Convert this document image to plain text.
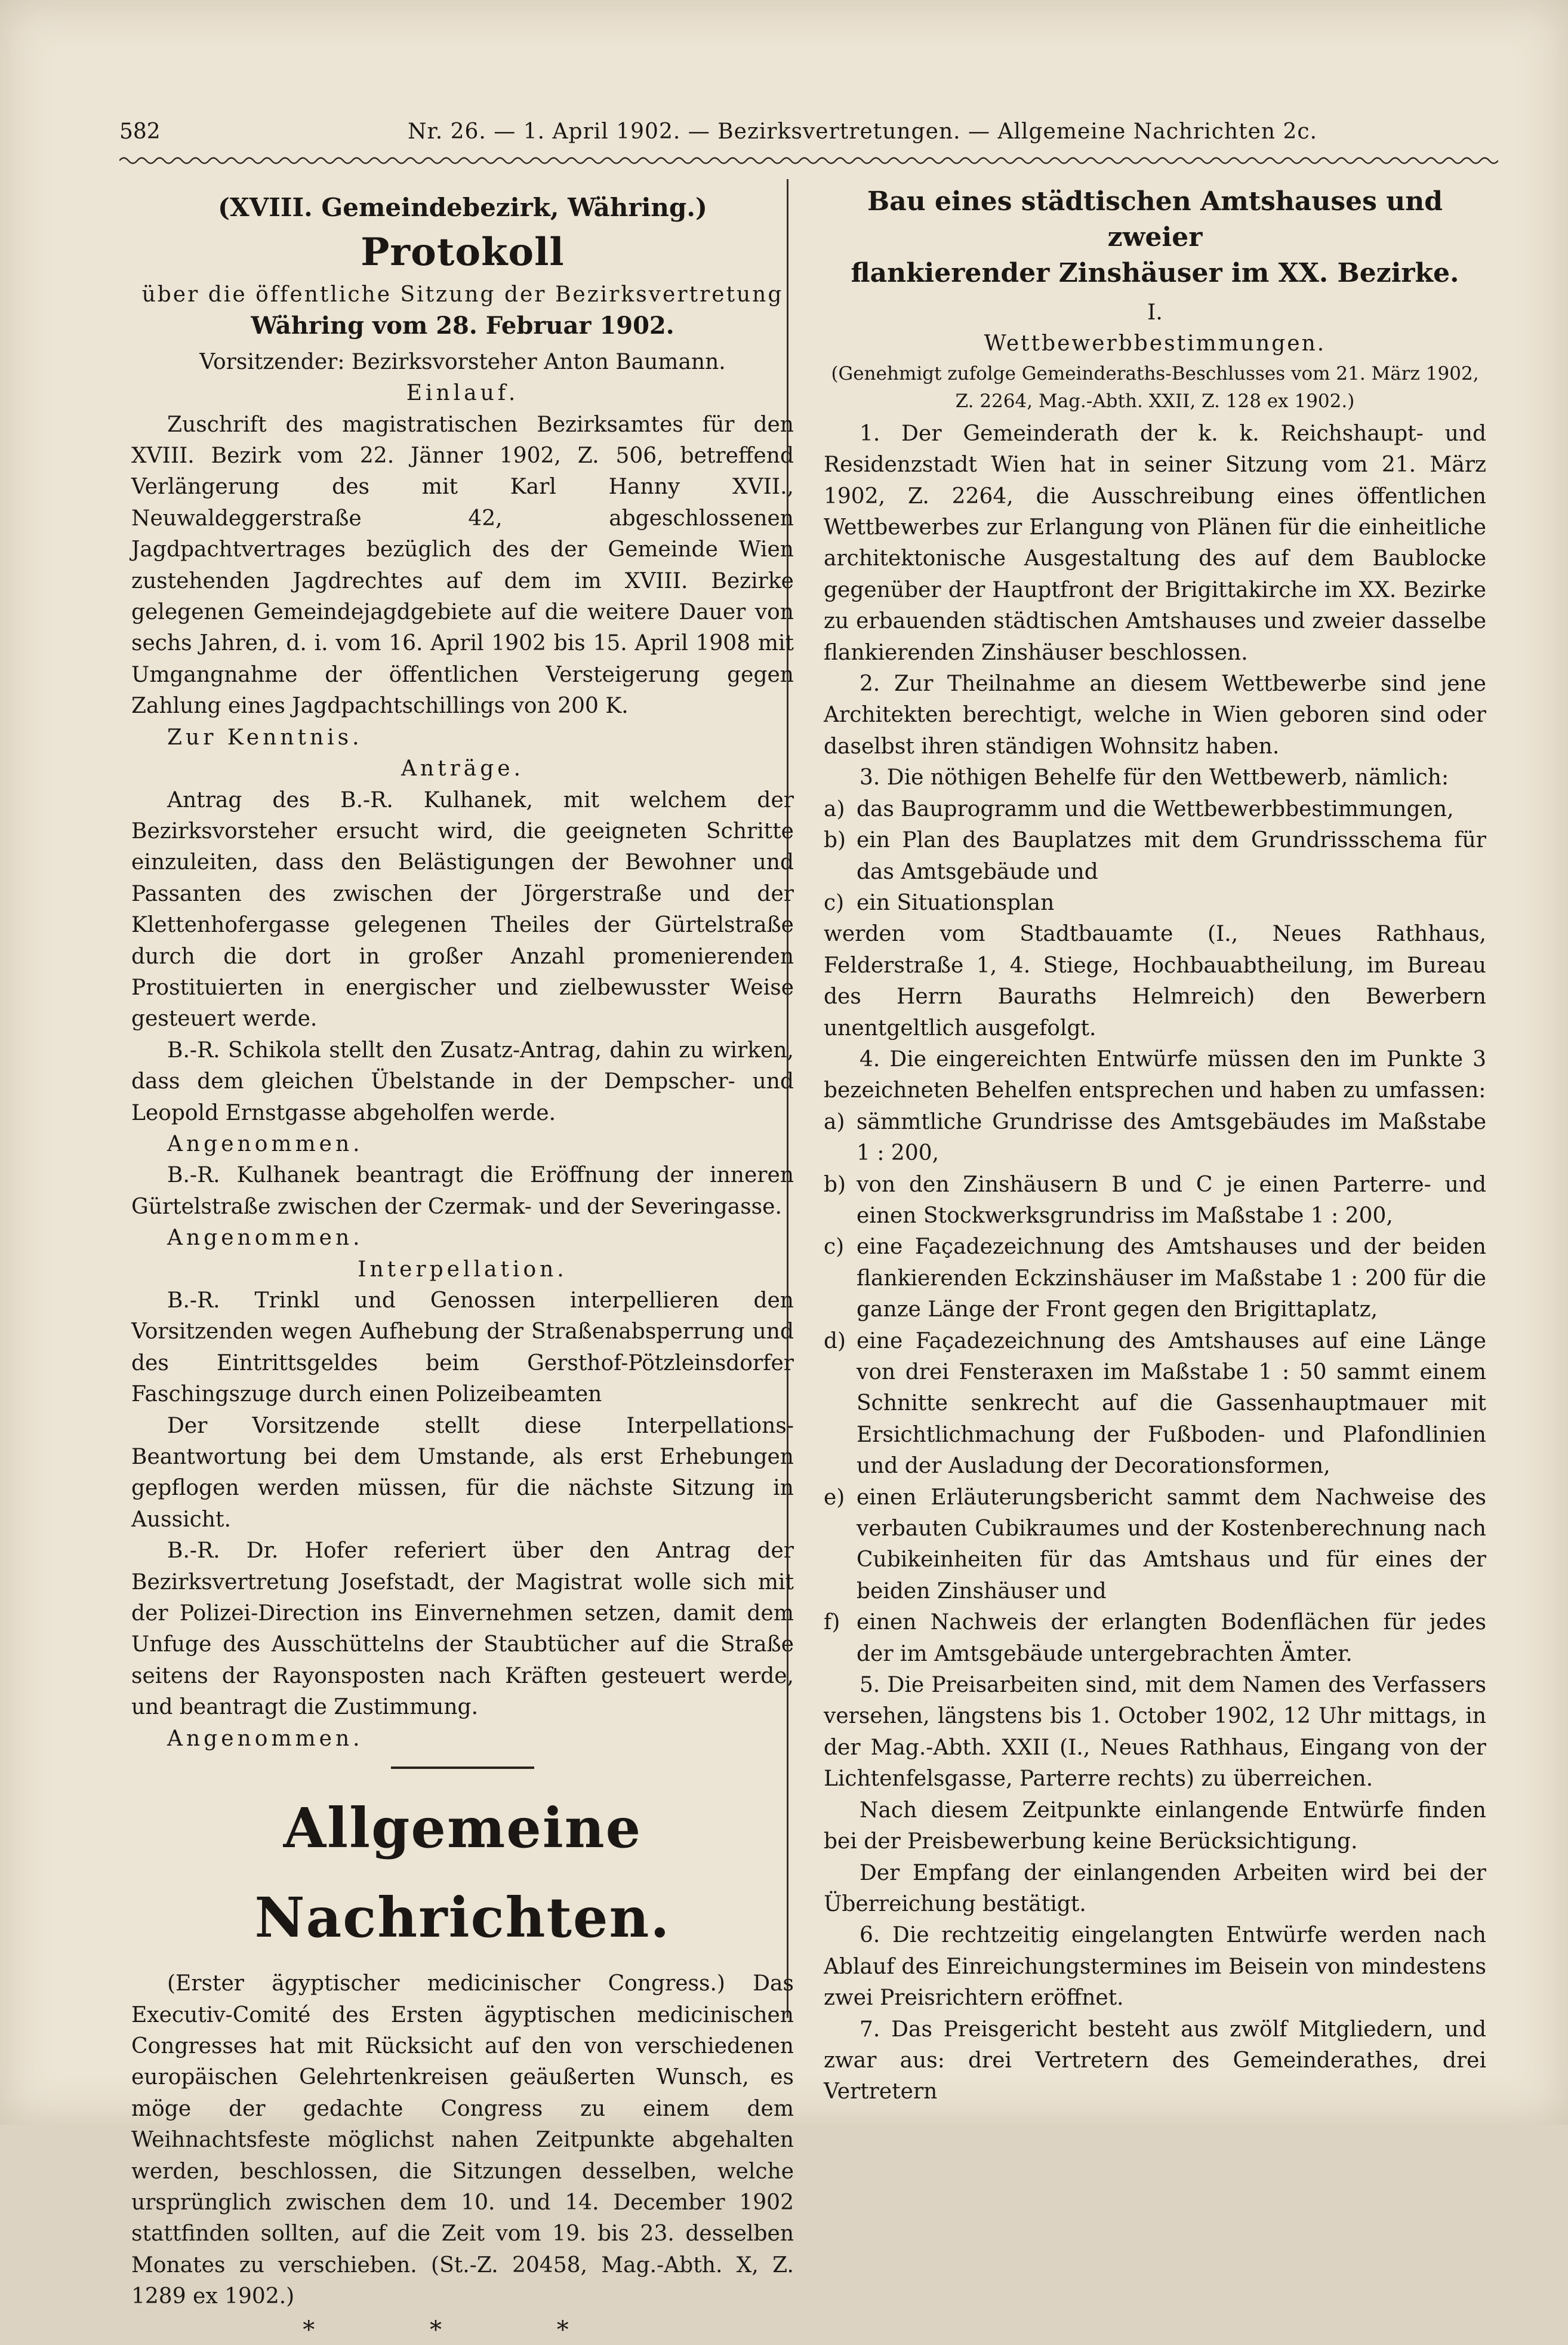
582	Nr. 26. — 1. April 1902. — Bezirksvertretungen. — Allgemeine Nachrichten 2c.

(XVIII. Gemeindebezirk, Währing.)

Protokoll

über die öffentliche Sitzung der Bezirksvertretung

Währing vom 28. Februar 1902.

Vorsitzender: Bezirksvorsteher Anton Baumann.

Einlauf.

Zuschrift des magistratischen Bezirksamtes für den XVIII. Bezirk vom 22. Jänner 1902, Z. 506, betreffend Verlängerung des mit Karl Hanny XVII., Neuwaldeggerstraße 42, abgeschlossenen Jagdpachtvertrages bezüglich des der Gemeinde Wien zustehenden Jagdrechtes auf dem im XVIII. Bezirke gelegenen Gemeindejagdgebiete auf die weitere Dauer von sechs Jahren, d. i. vom 16. April 1902 bis 15. April 1908 mit Umgangnahme der öffentlichen Versteigerung gegen Zahlung eines Jagdpachtschillings von 200 K.

Zur Kenntnis.

Anträge.

Antrag des B.-R. Kulhanek, mit welchem der Bezirksvorsteher ersucht wird, die geeigneten Schritte einzuleiten, dass den Belästigungen der Bewohner und Passanten des zwischen der Jörgerstraße und der Klettenhofergasse gelegenen Theiles der Gürtelstraße durch die dort in großer Anzahl promenierenden Prostituierten in energischer und zielbewusster Weise gesteuert werde.

B.-R. Schikola stellt den Zusatz-Antrag, dahin zu wirken, dass dem gleichen Übelstande in der Dempscher- und Leopold Ernstgasse abgeholfen werde.

Angenommen.

B.-R. Kulhanek beantragt die Eröffnung der inneren Gürtelstraße zwischen der Czermak- und der Severingasse.

Angenommen.

Interpellation.

B.-R. Trinkl und Genossen interpellieren den Vorsitzenden wegen Aufhebung der Straßenabsperrung und des Eintrittsgeldes beim Gersthof-Pötzleinsdorfer Faschingszuge durch einen Polizeibeamten

Der Vorsitzende stellt diese Interpellations-Beantwortung bei dem Umstande, als erst Erhebungen gepflogen werden müssen, für die nächste Sitzung in Aussicht.

B.-R. Dr. Hofer referiert über den Antrag der Bezirksvertretung Josefstadt, der Magistrat wolle sich mit der Polizei-Direction ins Einvernehmen setzen, damit dem Unfuge des Ausschüttelns der Staubtücher auf die Straße seitens der Rayonsposten nach Kräften gesteuert werde, und beantragt die Zustimmung.

Angenommen.

Allgemeine Nachrichten.

(Erster ägyptischer medicinischer Congress.) Das Executiv-Comité des Ersten ägyptischen medicinischen Congresses hat mit Rücksicht auf den von verschiedenen europäischen Gelehrtenkreisen geäußerten Wunsch, es möge der gedachte Congress zu einem dem Weihnachtsfeste möglichst nahen Zeitpunkte abgehalten werden, beschlossen, die Sitzungen desselben, welche ursprünglich zwischen dem 10. und 14. December 1902 stattfinden sollten, auf die Zeit vom 19. bis 23. desselben Monates zu verschieben. (St.-Z. 20458, Mag.-Abth. X, Z. 1289 ex 1902.)

* * *

Bau eines städtischen Amtshauses und zweier

flankierender Zinshäuser im XX. Bezirke.

I.

Wettbewerbbestimmungen.

(Genehmigt zufolge Gemeinderaths-Beschlusses vom 21. März 1902, Z. 2264, Mag.-Abth. XXII, Z. 128 ex 1902.)

1. Der Gemeinderath der k. k. Reichshaupt- und Residenzstadt Wien hat in seiner Sitzung vom 21. März 1902, Z. 2264, die Ausschreibung eines öffentlichen Wettbewerbes zur Erlangung von Plänen für die einheitliche architektonische Ausgestaltung des auf dem Baublocke gegenüber der Hauptfront der Brigittakirche im XX. Bezirke zu erbauenden städtischen Amtshauses und zweier dasselbe flankierenden Zinshäuser beschlossen.

2. Zur Theilnahme an diesem Wettbewerbe sind jene Architekten berechtigt, welche in Wien geboren sind oder daselbst ihren ständigen Wohnsitz haben.

3. Die nöthigen Behelfe für den Wettbewerb, nämlich:

a) das Bauprogramm und die Wettbewerbbestimmungen,
b) ein Plan des Bauplatzes mit dem Grundrissschema für das Amtsgebäude und
c) ein Situationsplan

werden vom Stadtbauamte (I., Neues Rathhaus, Felderstraße 1, 4. Stiege, Hochbauabtheilung, im Bureau des Herrn Bauraths Helmreich) den Bewerbern unentgeltlich ausgefolgt.

4. Die eingereichten Entwürfe müssen den im Punkte 3 bezeichneten Behelfen entsprechen und haben zu umfassen:

a) sämmtliche Grundrisse des Amtsgebäudes im Maßstabe 1 : 200,
b) von den Zinshäusern B und C je einen Parterre- und einen Stockwerksgrundriss im Maßstabe 1 : 200,
c) eine Façadezeichnung des Amtshauses und der beiden flankierenden Eckzinshäuser im Maßstabe 1 : 200 für die ganze Länge der Front gegen den Brigittaplatz,
d) eine Façadezeichnung des Amtshauses auf eine Länge von drei Fensteraxen im Maßstabe 1 : 50 sammt einem Schnitte senkrecht auf die Gassenhauptmauer mit Ersichtlichmachung der Fußboden- und Plafondlinien und der Ausladung der Decorationsformen,
e) einen Erläuterungsbericht sammt dem Nachweise des verbauten Cubikraumes und der Kostenberechnung nach Cubikeinheiten für das Amtshaus und für eines der beiden Zinshäuser und
f) einen Nachweis der erlangten Bodenflächen für jedes der im Amtsgebäude untergebrachten Ämter.

5. Die Preisarbeiten sind, mit dem Namen des Verfassers versehen, längstens bis 1. October 1902, 12 Uhr mittags, in der Mag.-Abth. XXII (I., Neues Rathhaus, Eingang von der Lichtenfelsgasse, Parterre rechts) zu überreichen.

Nach diesem Zeitpunkte einlangende Entwürfe finden bei der Preisbewerbung keine Berücksichtigung.

Der Empfang der einlangenden Arbeiten wird bei der Überreichung bestätigt.

6. Die rechtzeitig eingelangten Entwürfe werden nach Ablauf des Einreichungstermines im Beisein von mindestens zwei Preisrichtern eröffnet.

7. Das Preisgericht besteht aus zwölf Mitgliedern, und zwar aus: drei Vertretern des Gemeinderathes, drei Vertretern
